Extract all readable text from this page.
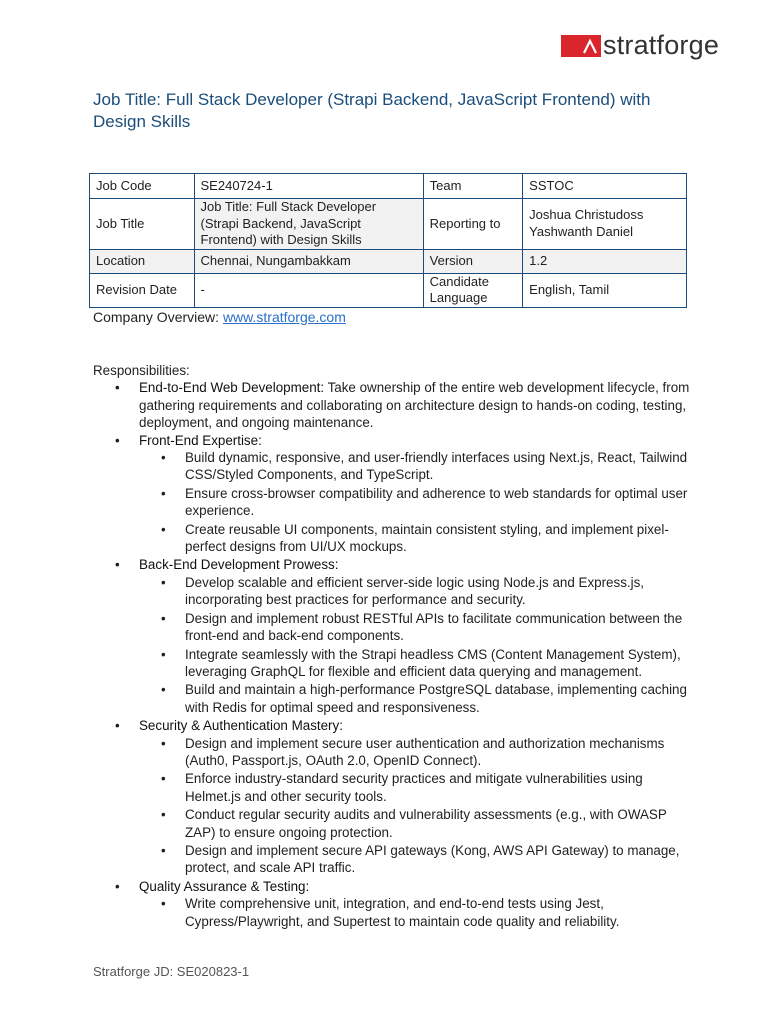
stratforge
Job Title: Full Stack Developer (Strapi Backend, JavaScript Frontend) with Design Skills
Job Code	SE240724-1	Team	SSTOC
Job Title	Job Title: Full Stack Developer (Strapi Backend, JavaScript Frontend) with Design Skills	Reporting to	Joshua Christudoss
Yashwanth Daniel
Location	Chennai, Nungambakkam	Version	1.2
Revision Date	-	Candidate Language	English, Tamil
Company Overview: www.stratforge.com
Responsibilities:
• End-to-End Web Development: Take ownership of the entire web development lifecycle, from gathering requirements and collaborating on architecture design to hands-on coding, testing, deployment, and ongoing maintenance.
• Front-End Expertise:
• Build dynamic, responsive, and user-friendly interfaces using Next.js, React, Tailwind CSS/Styled Components, and TypeScript.
• Ensure cross-browser compatibility and adherence to web standards for optimal user experience.
• Create reusable UI components, maintain consistent styling, and implement pixel-perfect designs from UI/UX mockups.
• Back-End Development Prowess:
• Develop scalable and efficient server-side logic using Node.js and Express.js, incorporating best practices for performance and security.
• Design and implement robust RESTful APIs to facilitate communication between the front-end and back-end components.
• Integrate seamlessly with the Strapi headless CMS (Content Management System), leveraging GraphQL for flexible and efficient data querying and management.
• Build and maintain a high-performance PostgreSQL database, implementing caching with Redis for optimal speed and responsiveness.
• Security & Authentication Mastery:
• Design and implement secure user authentication and authorization mechanisms (Auth0, Passport.js, OAuth 2.0, OpenID Connect).
• Enforce industry-standard security practices and mitigate vulnerabilities using Helmet.js and other security tools.
• Conduct regular security audits and vulnerability assessments (e.g., with OWASP ZAP) to ensure ongoing protection.
• Design and implement secure API gateways (Kong, AWS API Gateway) to manage, protect, and scale API traffic.
• Quality Assurance & Testing:
• Write comprehensive unit, integration, and end-to-end tests using Jest, Cypress/Playwright, and Supertest to maintain code quality and reliability.
Stratforge JD: SE020823-1
